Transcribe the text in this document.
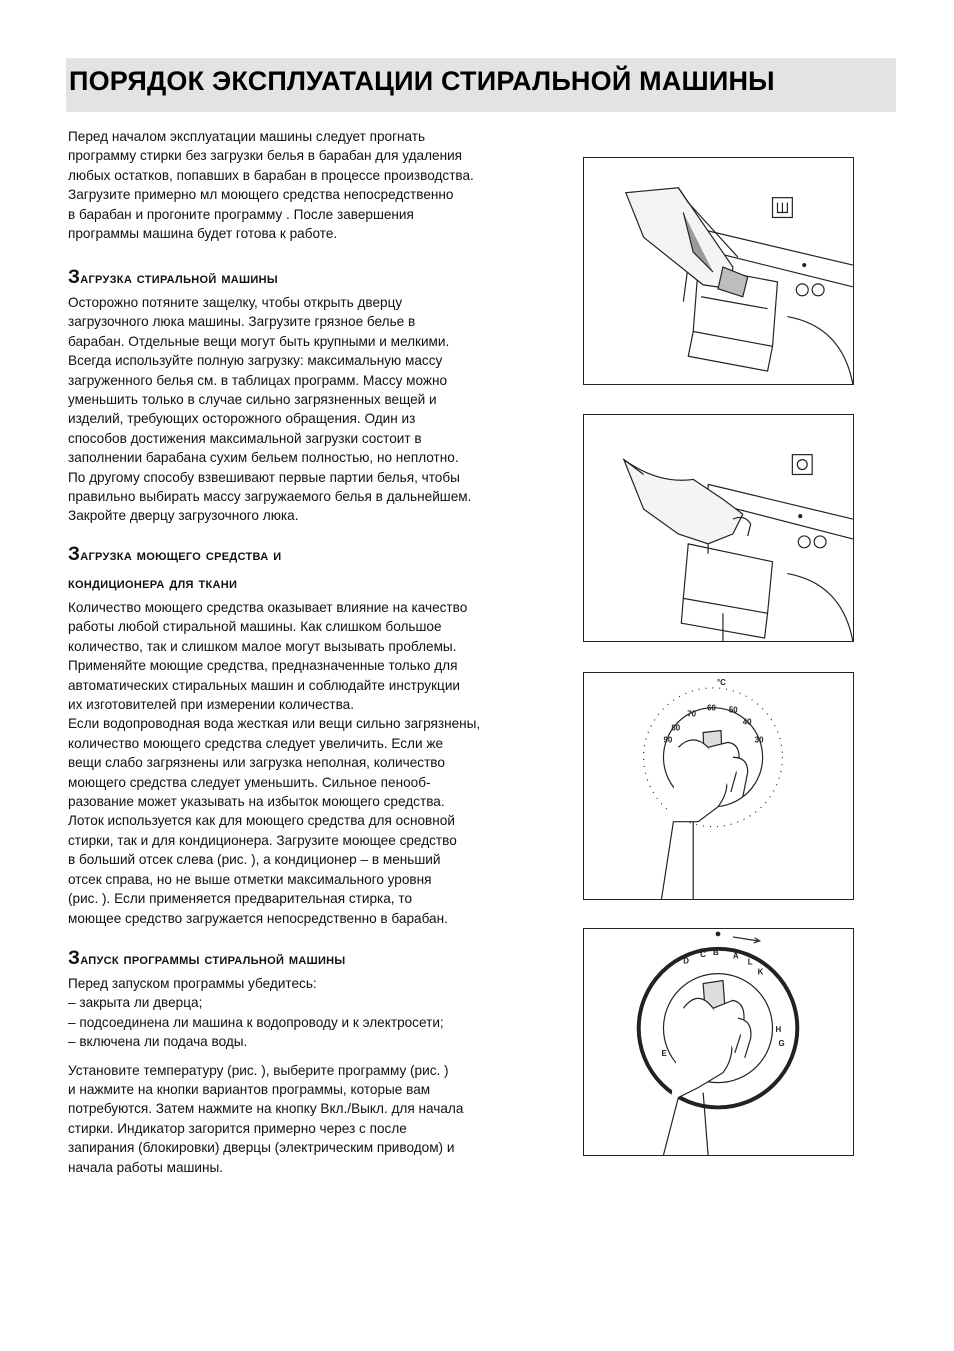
ПОРЯДОК ЭКСПЛУАТАЦИИ СТИРАЛЬНОЙ МАШИНЫ

Перед началом эксплуатации машины следует прогнать
программу стирки без загрузки белья в барабан для удаления
любых остатков, попавших в барабан в процессе производства.
Загрузите примерно мл моющего средства непосредственно
в барабан и прогоните программу . После завершения
программы машина будет готова к работе.

Загрузка стиральной машины

Осторожно потяните защелку, чтобы открыть дверцу
загрузочного люка машины. Загрузите грязное белье в
барабан. Отдельные вещи могут быть крупными и мелкими.
Всегда используйте полную загрузку: максимальную массу
загруженного белья см. в таблицах программ. Массу можно
уменьшить только в случае сильно загрязненных вещей и
изделий, требующих осторожного обращения. Один из
способов достижения максимальной загрузки состоит в
заполнении барабана сухим бельем полностью, но неплотно.
По другому способу взвешивают первые партии белья, чтобы
правильно выбирать массу загружаемого белья в дальнейшем.
Закройте дверцу загрузочного люка.

Загрузка моющего средства и

кондиционера для ткани

Количество моющего средства оказывает влияние на качество
работы любой стиральной машины. Как слишком большое
количество, так и слишком малое могут вызывать проблемы.
Применяйте моющие средства, предназначенные только для
автоматических стиральных машин и соблюдайте инструкции
их изготовителей при измерении количества.
Если водопроводная вода жесткая или вещи сильно загрязнены,
количество моющего средства следует увеличить. Если же
вещи слабо загрязнены или загрузка неполная, количество
моющего средства следует уменьшить. Сильное пенооб-
разование может указывать на избыток моющего средства.
Лоток используется как для моющего средства для основной
стирки, так и для кондиционера. Загрузите моющее средство
в больший отсек слева (рис. ), а кондиционер – в меньший
отсек справа, но не выше отметки максимального уровня
(рис. ). Если применяется предварительная стирка, то
моющее средство загружается непосредственно в барабан.

Запуск программы стиральной машины

Перед запуском программы убедитесь:
– закрыта ли дверца;
– подсоединена ли машина к водопроводу и к электросети;
– включена ли подача воды.

Установите температуру (рис. ), выберите программу (рис. )
и нажмите на кнопки вариантов программы, которые вам
потребуются. Затем нажмите на кнопку Вкл./Выкл. для начала
стирки. Индикатор загорится примерно через с после
запирания (блокировки) дверцы (электрическим приводом) и
начала работы машины.

°C
90
80
70
60 50
40
30
E
D
C B A
L
K
H
G
